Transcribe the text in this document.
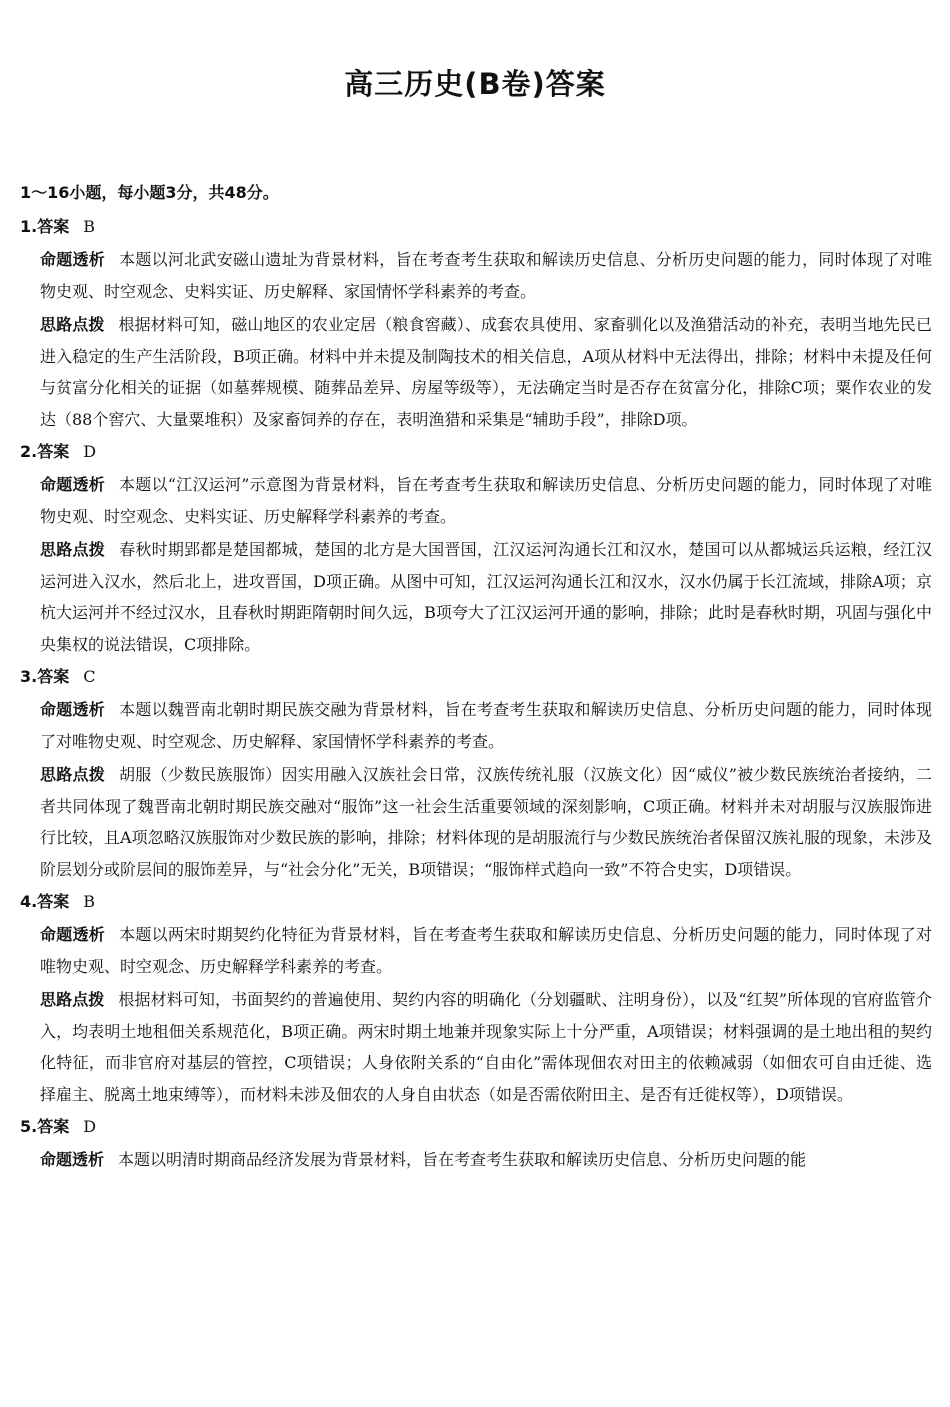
高三历史(B卷)答案

1～16小题，每小题3分，共48分。

1.答案 B

命题透析 本题以河北武安磁山遗址为背景材料，旨在考查考生获取和解读历史信息、分析历史问题的能力，同时体现了对唯物史观、时空观念、史料实证、历史解释、家国情怀学科素养的考查。

思路点拨 根据材料可知，磁山地区的农业定居（粮食窖藏）、成套农具使用、家畜驯化以及渔猎活动的补充，表明当地先民已进入稳定的生产生活阶段，B项正确。材料中并未提及制陶技术的相关信息，A项从材料中无法得出，排除；材料中未提及任何与贫富分化相关的证据（如墓葬规模、随葬品差异、房屋等级等），无法确定当时是否存在贫富分化，排除C项；粟作农业的发达（88个窖穴、大量粟堆积）及家畜饲养的存在，表明渔猎和采集是“辅助手段”，排除D项。

2.答案 D

命题透析 本题以“江汉运河”示意图为背景材料，旨在考查考生获取和解读历史信息、分析历史问题的能力，同时体现了对唯物史观、时空观念、史料实证、历史解释学科素养的考查。

思路点拨 春秋时期郢都是楚国都城，楚国的北方是大国晋国，江汉运河沟通长江和汉水，楚国可以从都城运兵运粮，经江汉运河进入汉水，然后北上，进攻晋国，D项正确。从图中可知，江汉运河沟通长江和汉水，汉水仍属于长江流域，排除A项；京杭大运河并不经过汉水，且春秋时期距隋朝时间久远，B项夸大了江汉运河开通的影响，排除；此时是春秋时期，巩固与强化中央集权的说法错误，C项排除。

3.答案 C

命题透析 本题以魏晋南北朝时期民族交融为背景材料，旨在考查考生获取和解读历史信息、分析历史问题的能力，同时体现了对唯物史观、时空观念、历史解释、家国情怀学科素养的考查。

思路点拨 胡服（少数民族服饰）因实用融入汉族社会日常，汉族传统礼服（汉族文化）因“威仪”被少数民族统治者接纳，二者共同体现了魏晋南北朝时期民族交融对“服饰”这一社会生活重要领域的深刻影响，C项正确。材料并未对胡服与汉族服饰进行比较，且A项忽略汉族服饰对少数民族的影响，排除；材料体现的是胡服流行与少数民族统治者保留汉族礼服的现象，未涉及阶层划分或阶层间的服饰差异，与“社会分化”无关，B项错误；“服饰样式趋向一致”不符合史实，D项错误。

4.答案 B

命题透析 本题以两宋时期契约化特征为背景材料，旨在考查考生获取和解读历史信息、分析历史问题的能力，同时体现了对唯物史观、时空观念、历史解释学科素养的考查。

思路点拨 根据材料可知，书面契约的普遍使用、契约内容的明确化（分划疆畎、注明身份），以及“红契”所体现的官府监管介入，均表明土地租佃关系规范化，B项正确。两宋时期土地兼并现象实际上十分严重，A项错误；材料强调的是土地出租的契约化特征，而非官府对基层的管控，C项错误；人身依附关系的“自由化”需体现佃农对田主的依赖减弱（如佃农可自由迁徙、选择雇主、脱离土地束缚等），而材料未涉及佃农的人身自由状态（如是否需依附田主、是否有迁徙权等），D项错误。

5.答案 D

命题透析 本题以明清时期商品经济发展为背景材料，旨在考查考生获取和解读历史信息、分析历史问题的能
